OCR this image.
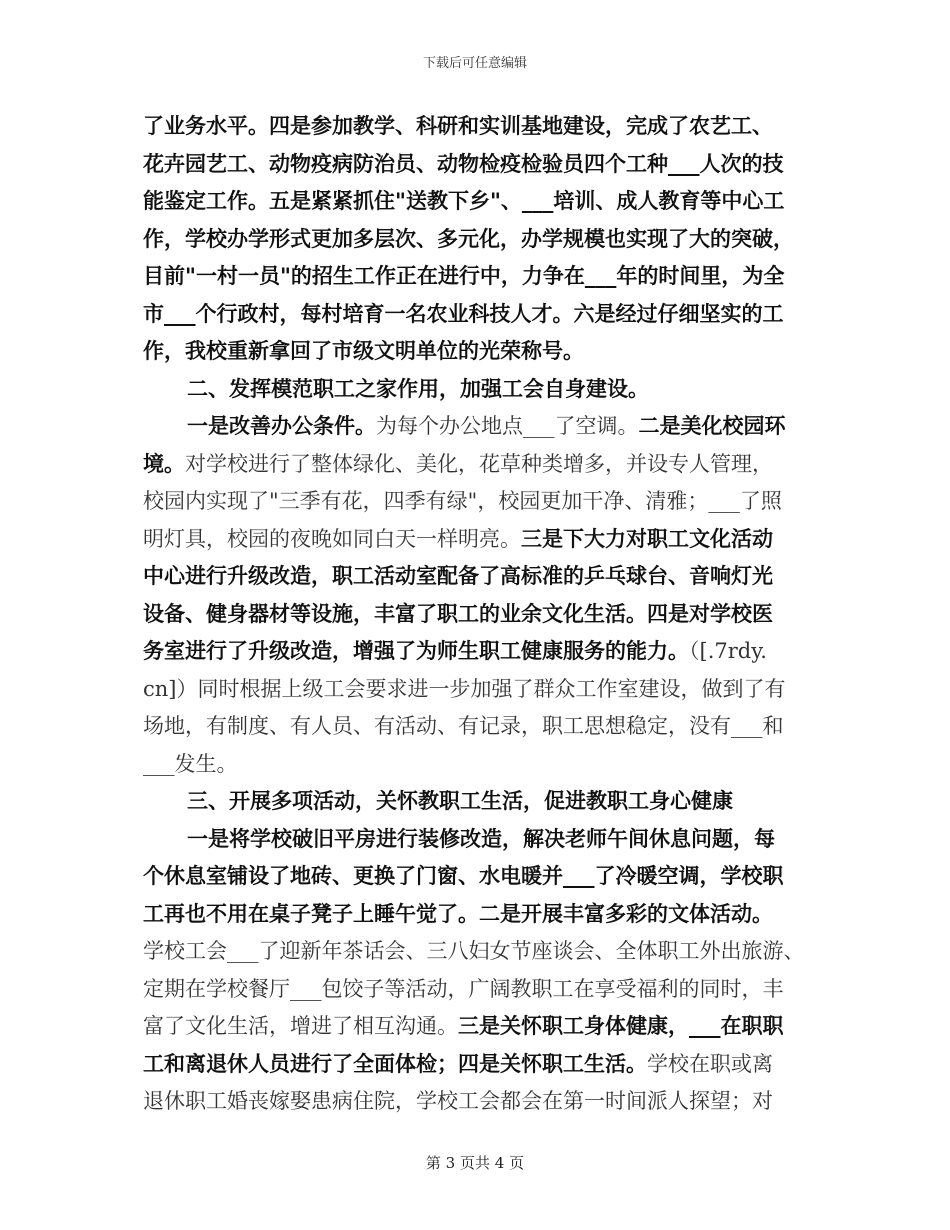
下载后可任意编辑
了业务水平。四是参加教学、科研和实训基地建设，完成了农艺工、
花卉园艺工、动物疫病防治员、动物检疫检验员四个工种___人次的技
能鉴定工作。五是紧紧抓住"送教下乡"、___培训、成人教育等中心工
作，学校办学形式更加多层次、多元化，办学规模也实现了大的突破，
目前"一村一员"的招生工作正在进行中，力争在___年的时间里，为全
市___个行政村，每村培育一名农业科技人才。六是经过仔细坚实的工
作，我校重新拿回了市级文明单位的光荣称号。
二、发挥模范职工之家作用，加强工会自身建设。
一是改善办公条件。为每个办公地点___了空调。二是美化校园环
境。对学校进行了整体绿化、美化，花草种类增多，并设专人管理，
校园内实现了"三季有花，四季有绿"，校园更加干净、清雅；___了照
明灯具，校园的夜晚如同白天一样明亮。三是下大力对职工文化活动
中心进行升级改造，职工活动室配备了高标准的乒乓球台、音响灯光
设备、健身器材等设施，丰富了职工的业余文化生活。四是对学校医
务室进行了升级改造，增强了为师生职工健康服务的能力。（[.7rdy.
cn]）同时根据上级工会要求进一步加强了群众工作室建设，做到了有
场地，有制度、有人员、有活动、有记录，职工思想稳定，没有___和
___发生。
三、开展多项活动，关怀教职工生活，促进教职工身心健康
一是将学校破旧平房进行装修改造，解决老师午间休息问题，每
个休息室铺设了地砖、更换了门窗、水电暖并___了冷暖空调，学校职
工再也不用在桌子凳子上睡午觉了。二是开展丰富多彩的文体活动。
学校工会___了迎新年茶话会、三八妇女节座谈会、全体职工外出旅游、
定期在学校餐厅___包饺子等活动，广阔教职工在享受福利的同时，丰
富了文化生活，增进了相互沟通。三是关怀职工身体健康，___在职职
工和离退休人员进行了全面体检；四是关怀职工生活。学校在职或离
退休职工婚丧嫁娶患病住院，学校工会都会在第一时间派人探望；对
第 3 页共 4 页
